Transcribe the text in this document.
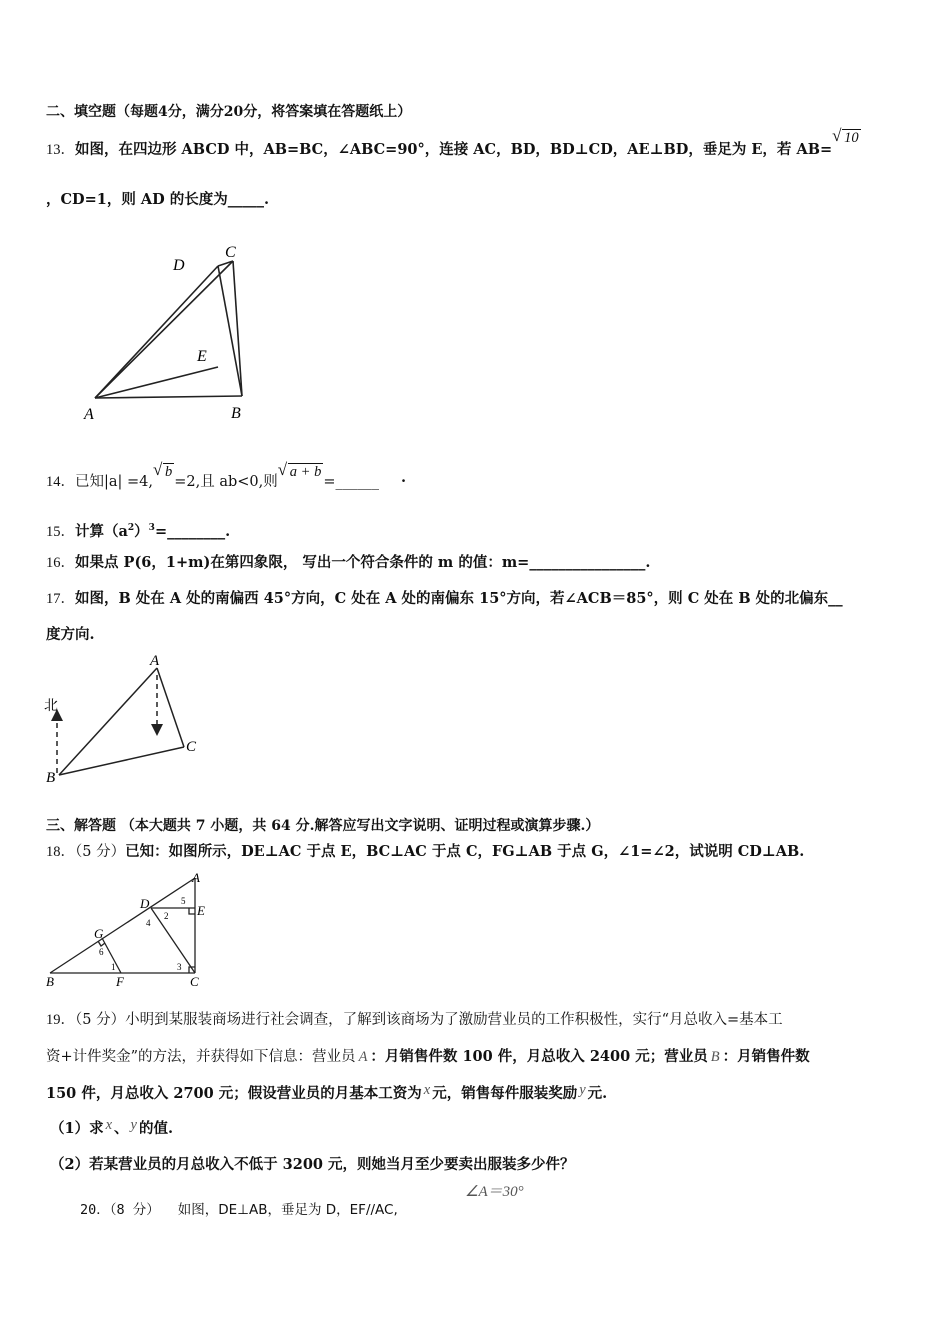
二、填空题（每题4分，满分20分，将答案填在答题纸上）
13．如图，在四边形 ABCD 中，AB=BC，∠ABC=90°，连接 AC，BD，BD⊥CD，AE⊥BD，垂足为 E，若 AB=√ 10
，CD=1，则 AD 的长度为_____.
D
C
E
A	B
14．已知|a| =4,√ b=2,且 ab<0,则√ a + b=______ ·
15．计算$(a^2)^3=\_\_\_\_\_\_\_\_$.
16．如果点 P(6，1+m)在第四象限， 写出一个符合条件的 m 的值：m=________________.
17．如图，B 处在 A 处的南偏西 45°方向，C 处在 A 处的南偏东 15°方向，若∠ACB＝85°，则 C 处在 B 处的北偏东__
度方向.
北
A
C
B
三、解答题 （本大题共 7 小题，共 64 分.解答应写出文字说明、证明过程或演算步骤.）
18．（5 分）已知：如图所示，DE⊥AC 于点 E，BC⊥AC 于点 C，FG⊥AB 于点 G，∠1=∠2，试说明 CD⊥AB.
D
A
E
G
B	F	C
5
2
4
6
1	3
19．（5 分）小明到某服装商场进行社会调查，了解到该商场为了激励营业员的工作积极性，实行“月总收入=基本工
资+计件奖金”的方法，并获得如下信息：营业员 A ：月销售件数 100 件，月总收入 2400 元；营业员 B ：月销售件数
150 件，月总收入 2700 元；假设营业员的月基本工资为 x 元，销售每件服装奖励 y 元.
（1）求 x 、 y 的值.
（2）若某营业员的月总收入不低于 3200 元，则她当月至少要卖出服装多少件？
∠A＝30°
20．（8 分） 如图，DE⊥AB，垂足为 D，EF//AC,
